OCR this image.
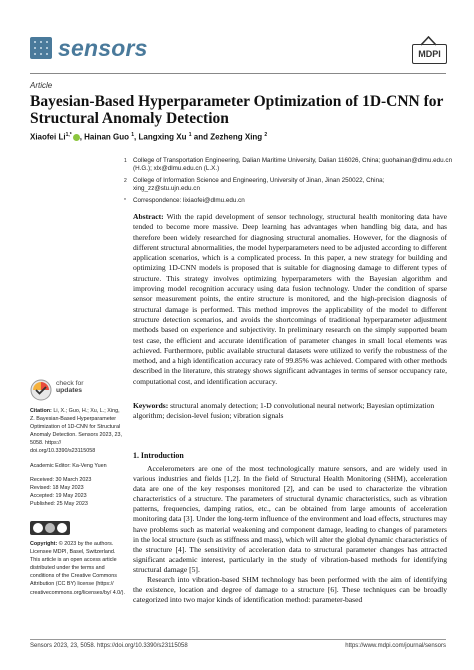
sensors	MDPI
Article
Bayesian-Based Hyperparameter Optimization of 1D-CNN for Structural Anomaly Detection
Xiaofei $Li^{1,*}$ , Hainan Guo $^1$, Langxing Xu $^1$ and Zezheng Xing $^2$
1 College of Transportation Engineering, Dalian Maritime University, Dalian 116026, China; guohainan@dlmu.edu.cn (H.G.); xlx@dlmu.edu.cn (L.X.)
2 College of Information Science and Engineering, University of Jinan, Jinan 250022, China; xing_zz@stu.ujn.edu.cn
* Correspondence: lixiaofei@dlmu.edu.cn
Abstract: With the rapid development of sensor technology, structural health monitoring data have tended to become more massive. Deep learning has advantages when handling big data, and has therefore been widely researched for diagnosing structural anomalies. However, for the diagnosis of different structural abnormalities, the model hyperparameters need to be adjusted according to different application scenarios, which is a complicated process. In this paper, a new strategy for building and optimizing 1D-CNN models is proposed that is suitable for diagnosing damage to different types of structure. This strategy involves optimizing hyperparameters with the Bayesian algorithm and improving model recognition accuracy using data fusion technology. Under the condition of sparse sensor measurement points, the entire structure is monitored, and the high-precision diagnosis of structural damage is performed. This method improves the applicability of the model to different structure detection scenarios, and avoids the shortcomings of traditional hyperparameter adjustment methods based on experience and subjectivity. In preliminary research on the simply supported beam test case, the efficient and accurate identification of parameter changes in small local elements was achieved. Furthermore, public available structural datasets were utilized to verify the robustness of the method, and a high identification accuracy rate of 99.85% was achieved. Compared with other methods described in the literature, this strategy shows significant advantages in terms of sensor occupancy rate, computational cost, and identification accuracy.
Keywords: structural anomaly detection; 1-D convolutional neural network; Bayesian optimization algorithm; decision-level fusion; vibration signals
check for
updates
Citation: Li, X.; Guo, H.; Xu, L.; Xing, Z. Bayesian-Based Hyperparameter Optimization of 1D-CNN for Structural Anomaly Detection. Sensors 2023, 23, 5058. https:// doi.org/10.3390/s23115058
Academic Editor: Ka-Veng Yuen
Received: 30 March 2023
Revised: 18 May 2023
Accepted: 19 May 2023
Published: 25 May 2023
Copyright: © 2023 by the authors. Licensee MDPI, Basel, Switzerland. This article is an open access article distributed under the terms and conditions of the Creative Commons Attribution (CC BY) license (https:// creativecommons.org/licenses/by/ 4.0/).
1. Introduction

Accelerometers are one of the most technologically mature sensors, and are widely used in various industries and fields [1,2]. In the field of Structural Health Monitoring (SHM), acceleration data are one of the key responses monitored [2], and can be used to characterize the vibration characteristics of a structure. The parameters of structural dynamic characteristics, such as vibration patterns, frequencies, damping ratios, etc., can be obtained from large amounts of acceleration monitoring data [3]. Under the long-term influence of the environment and load effects, structures may have problems such as material weakening and component damage, leading to changes of parameters in the local structure (such as stiffness and mass), which will alter the global dynamic characteristics of the structure [4]. The sensitivity of acceleration data to structural parameter changes has attracted significant academic interest, particularly in the study of vibration-based methods for identifying structural damage [5].

Research into vibration-based SHM technology has been performed with the aim of identifying the existence, location and degree of damage to a structure [6]. These techniques can be broadly categorized into two major kinds of identification method: parameter-based

Sensors 2023, 23, 5058. https://doi.org/10.3390/s23115058	https://www.mdpi.com/journal/sensors
